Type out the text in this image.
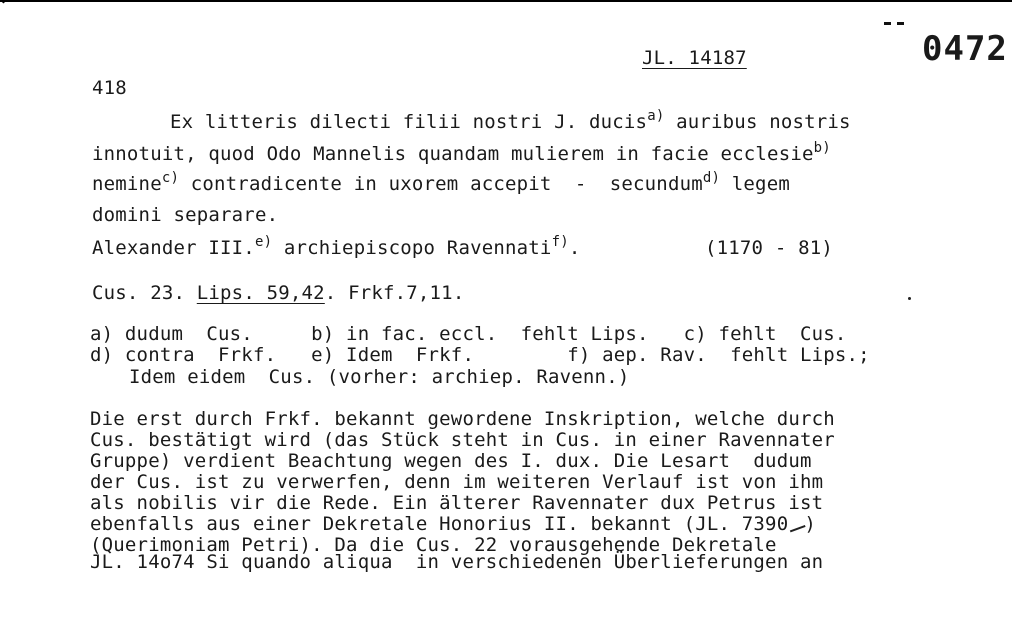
JL. 14187	0472
418
Ex litteris dilecti filii nostri J. ducis$^{a)}$ auribus nostris
innotuit, quod Odo Mannelis quandam mulierem in facie ecclesie$^{b)}$
nemine$^{c)}$ contradicente in uxorem accepit  -  secundum$^{d)}$ legem
domini separare.
Alexander III.$^{e)}$ archiepiscopo Ravennati$^{f)}$.	(1170 - 81)
Cus. 23. Lips. 59,42. Frkf.7,11.
a) dudum  Cus.     b) in fac. eccl.  fehlt Lips.   c) fehlt  Cus.
d) contra  Frkf.   e) Idem  Frkf.        f) aep. Rav.  fehlt Lips.;
Idem eidem  Cus. (vorher: archiep. Ravenn.)
Die erst durch Frkf. bekannt gewordene Inskription, welche durch
Cus. bestätigt wird (das Stück steht in Cus. in einer Ravennater
Gruppe) verdient Beachtung wegen des I. dux. Die Lesart  dudum
der Cus. ist zu verwerfen, denn im weiteren Verlauf ist von ihm
als nobilis vir die Rede. Ein älterer Ravennater dux Petrus ist
ebenfalls aus einer Dekretale Honorius II. bekannt (JL. 7390 )
(Querimoniam Petri). Da die Cus. 22 vorausgehende Dekretale
JL. 14o74 Si quando aliqua  in verschiedenen Überlieferungen an
